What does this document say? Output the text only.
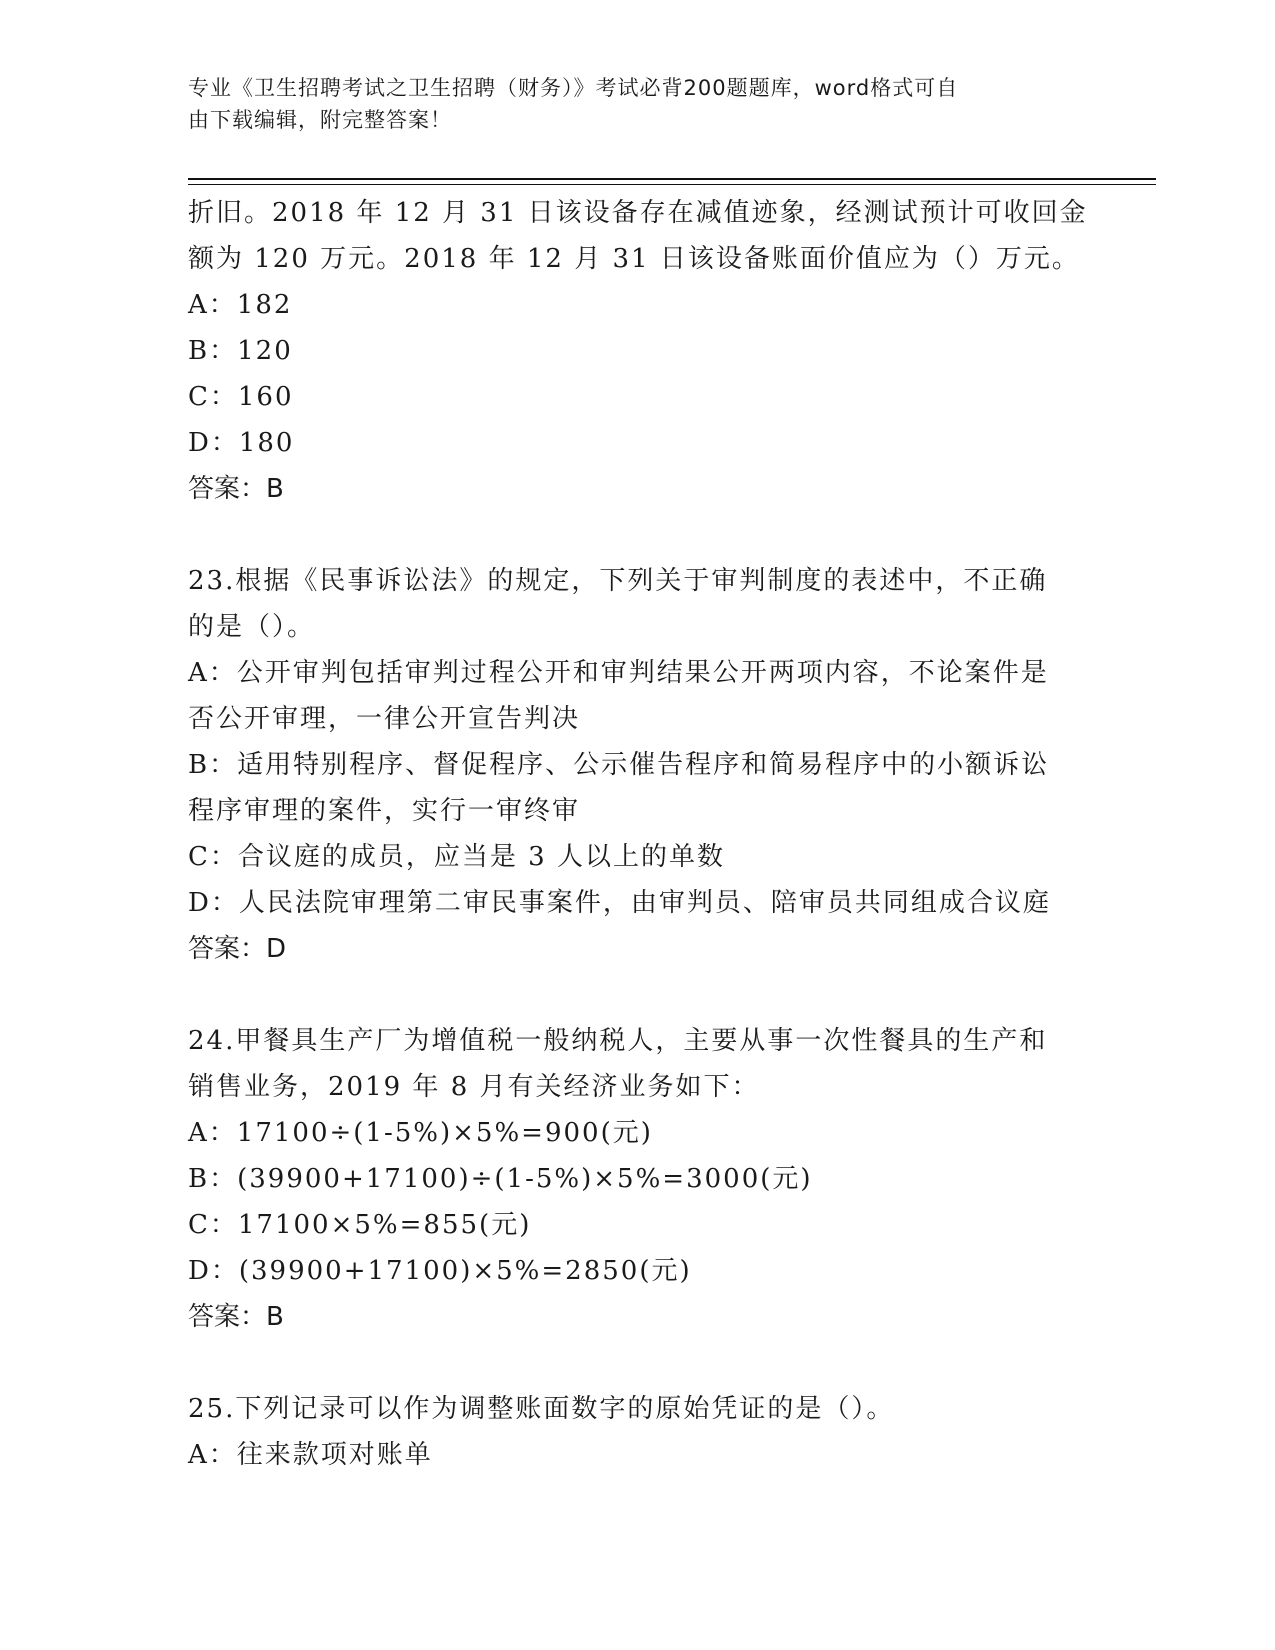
专业《卫生招聘考试之卫生招聘（财务）》考试必背200题题库，word格式可自
由下载编辑，附完整答案！
折旧。2018 年 12 月 31 日该设备存在减值迹象，经测试预计可收回金
额为 120 万元。2018 年 12 月 31 日该设备账面价值应为（）万元。
A：182
B：120
C：160
D：180
答案：B
23.根据《民事诉讼法》的规定，下列关于审判制度的表述中，不正确
的是（）。
A：公开审判包括审判过程公开和审判结果公开两项内容，不论案件是
否公开审理，一律公开宣告判决
B：适用特别程序、督促程序、公示催告程序和简易程序中的小额诉讼
程序审理的案件，实行一审终审
C：合议庭的成员，应当是 3 人以上的单数
D：人民法院审理第二审民事案件，由审判员、陪审员共同组成合议庭
答案：D
24.甲餐具生产厂为增值税一般纳税人，主要从事一次性餐具的生产和
销售业务，2019 年 8 月有关经济业务如下：
A：17100÷(1-5%)×5%=900(元)
B：(39900+17100)÷(1-5%)×5%=3000(元)
C：17100×5%=855(元)
D：(39900+17100)×5%=2850(元)
答案：B
25.下列记录可以作为调整账面数字的原始凭证的是（）。
A：往来款项对账单
